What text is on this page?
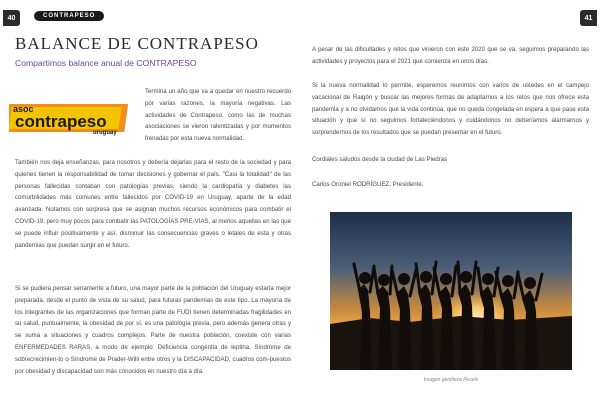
40	41
CONTRAPESO
BALANCE DE CONTRAPESO
Compartimos balance anual de CONTRAPESO
asoc
contrapeso
uruguay

Termina un año que va a quedar en nuestro recuerdo por varias razones, la mayoría negativas. Las actividades de Contrapeso, como las de muchas asociaciones se vieron ralentizadas y por momentos frenadas por esta nueva normalidad.

También nos deja enseñanzas, para nosotros y debería dejarlas para el resto de la sociedad y para quienes tienen la responsabilidad de tomar decisiones y gobernar el país. "Casi la totalidad" de las personas fallecidas contaban con patologías previas, siendo la cardiopatía y diabetes las comorbilidades más comunes entre fallecidos por COVID-19 en Uruguay, aparte de la edad avanzada. Notamos con sorpresa que se asignan muchos recursos económicos para combatir el COVID-19, pero muy pocos para combatir las PATOLOGÍAS PRE-VIAS, al menos aquellas en las que se puede influir positivamente y así, disminuir las consecuencias graves o letales de esta y otras pandemias que puedan surgir en el futuro.

Si se pudiera pensar seriamente a futuro, una mayor parte de la población del Uruguay estaría mejor preparada, desde el punto de vista de su salud, para futuras pandemias de este tipo. La mayoría de los integrantes de las organizaciones que forman parte de FUDI tienen determinadas fragilidades en su salud, puntualmente, la obesidad de por sí, es una patología previa, pero además genera otras y se suma a situaciones y cuadros complejos. Parte de nuestra población, coexiste con varias ENFERMEDADES RARAS, a modo de ejemplo: Deficiencia congénita de leptina, Síndrome de sobrecrecimien-to o Síndrome de Prader-Willi entre otros y la DISCAPACIDAD, cuadros com-puestos por obesidad y discapacidad son más conocidos en nuestro día a día.

A pesar de las dificultades y retos que vinieron con este 2020 que se va, seguimos preparando las actividades y proyectos para el 2021 que comienza en unos días.

Si la nueva normalidad lo permite, esperemos reunirnos con varios de ustedes en el campejo vacacional de Raigón y buscar las mejores formas de adaptarnos a los retos que nos ofrece esta pandemia y a no olvidamos que la vida continúa, que no queda congelada en espera a que pase esta situación y que sí no seguimos fortaleciéndonos y cuidándonos no deberíamos alarmarnos y sorprendernos de los resultados que se puedan presentar en el futuro.

Cordiales saludos desde la ciudad de Las Piedras

Carlos Oroniel RODRÍGUEZ, Presidente.

Imagen gentileza Pexels
